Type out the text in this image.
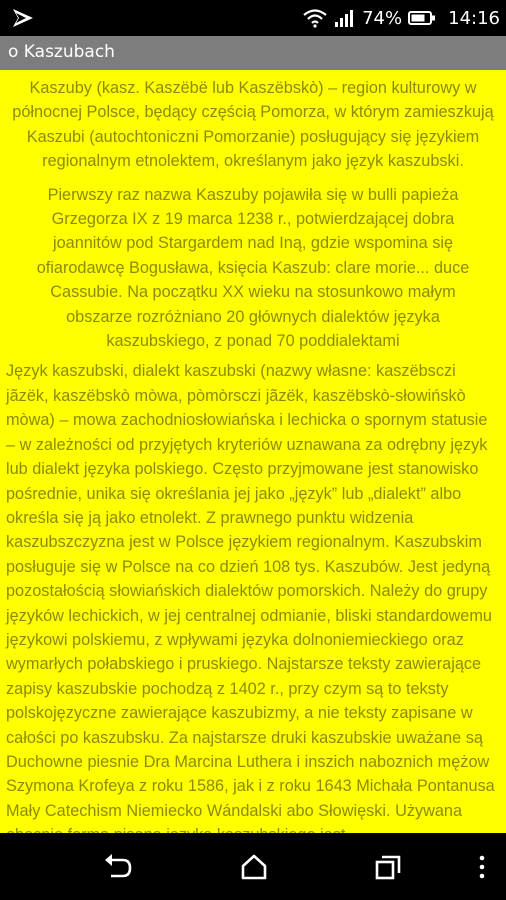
74%	14:16
o Kaszubach

Kaszuby (kasz. Kaszëbë lub Kaszëbskò) – region kulturowy w północnej Polsce, będący częścią Pomorza, w którym zamieszkują Kaszubi (autochtoniczni Pomorzanie) posługujący się językiem regionalnym etnolektem, określanym jako język kaszubski.

Pierwszy raz nazwa Kaszuby pojawiła się w bulli papieża Grzegorza IX z 19 marca 1238 r., potwierdzającej dobra joannitów pod Stargardem nad Iną, gdzie wspomina się ofiarodawcę Bogusława, księcia Kaszub: clare morie... duce Cassubie. Na początku XX wieku na stosunkowo małym obszarze rozróżniano 20 głównych dialektów języka kaszubskiego, z ponad 70 poddialektami

Język kaszubski, dialekt kaszubski (nazwy własne: kaszëbsczi jãzëk, kaszëbskò mòwa, pòmòrsczi jãzëk, kaszëbskò-słowińskò mòwa) – mowa zachodniosłowiańska i lechicka o spornym statusie – w zależności od przyjętych kryteriów uznawana za odrębny język lub dialekt języka polskiego. Często przyjmowane jest stanowisko pośrednie, unika się określania jej jako „język” lub „dialekt” albo określa się ją jako etnolekt. Z prawnego punktu widzenia kaszubszczyzna jest w Polsce językiem regionalnym. Kaszubskim posługuje się w Polsce na co dzień 108 tys. Kaszubów. Jest jedyną pozostałością słowiańskich dialektów pomorskich. Należy do grupy języków lechickich, w jej centralnej odmianie, bliski standardowemu językowi polskiemu, z wpływami języka dolnoniemieckiego oraz wymarłych połabskiego i pruskiego. Najstarsze teksty zawierające zapisy kaszubskie pochodzą z 1402 r., przy czym są to teksty polskojęzyczne zawierające kaszubizmy, a nie teksty zapisane w całości po kaszubsku. Za najstarsze druki kaszubskie uważane są Duchowne piesnie Dra Marcina Luthera i inszich naboznich mężow Szymona Krofeya z roku 1586, jak i z roku 1643 Michała Pontanusa Mały Catechism Niemiecko Wándalski abo Słowięski. Używana
